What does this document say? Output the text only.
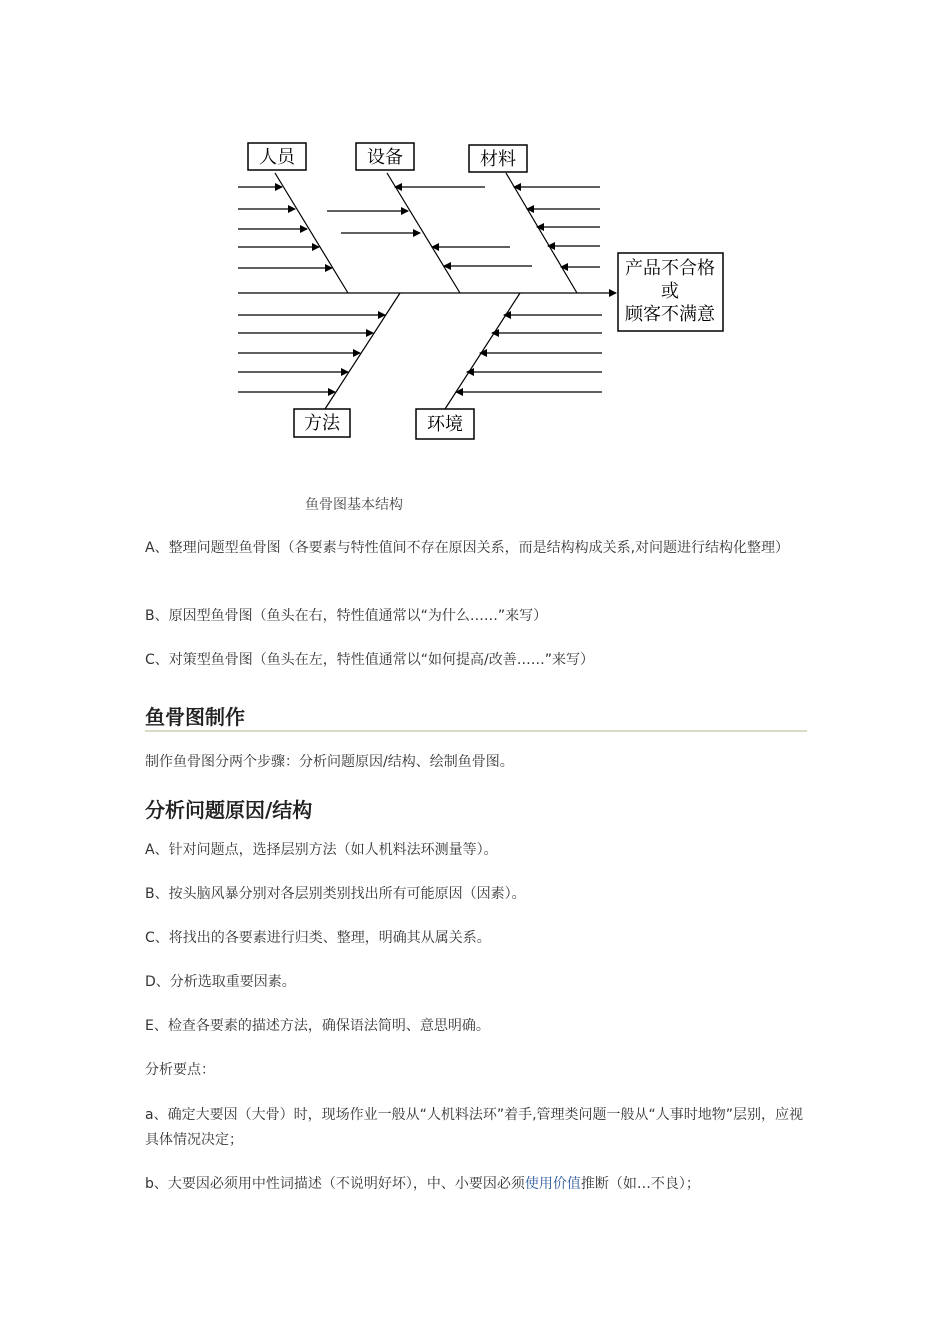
人员	设备	材料
方法	环境
产品不合格
或
顾客不满意
鱼骨图基本结构
A、整理问题型鱼骨图（各要素与特性值间不存在原因关系，而是结构构成关系,对问题进行结构化整理）
B、原因型鱼骨图（鱼头在右，特性值通常以“为什么……”来写）
C、对策型鱼骨图（鱼头在左，特性值通常以“如何提高/改善……”来写）
鱼骨图制作
制作鱼骨图分两个步骤：分析问题原因/结构、绘制鱼骨图。
分析问题原因/结构
A、针对问题点，选择层别方法（如人机料法环测量等）。
B、按头脑风暴分别对各层别类别找出所有可能原因（因素）。
C、将找出的各要素进行归类、整理，明确其从属关系。
D、分析选取重要因素。
E、检查各要素的描述方法，确保语法简明、意思明确。
分析要点：
a、确定大要因（大骨）时，现场作业一般从“人机料法环”着手,管理类问题一般从“人事时地物”层别，应视具体情况决定；
b、大要因必须用中性词描述（不说明好坏），中、小要因必须使用价值推断（如…不良）；
